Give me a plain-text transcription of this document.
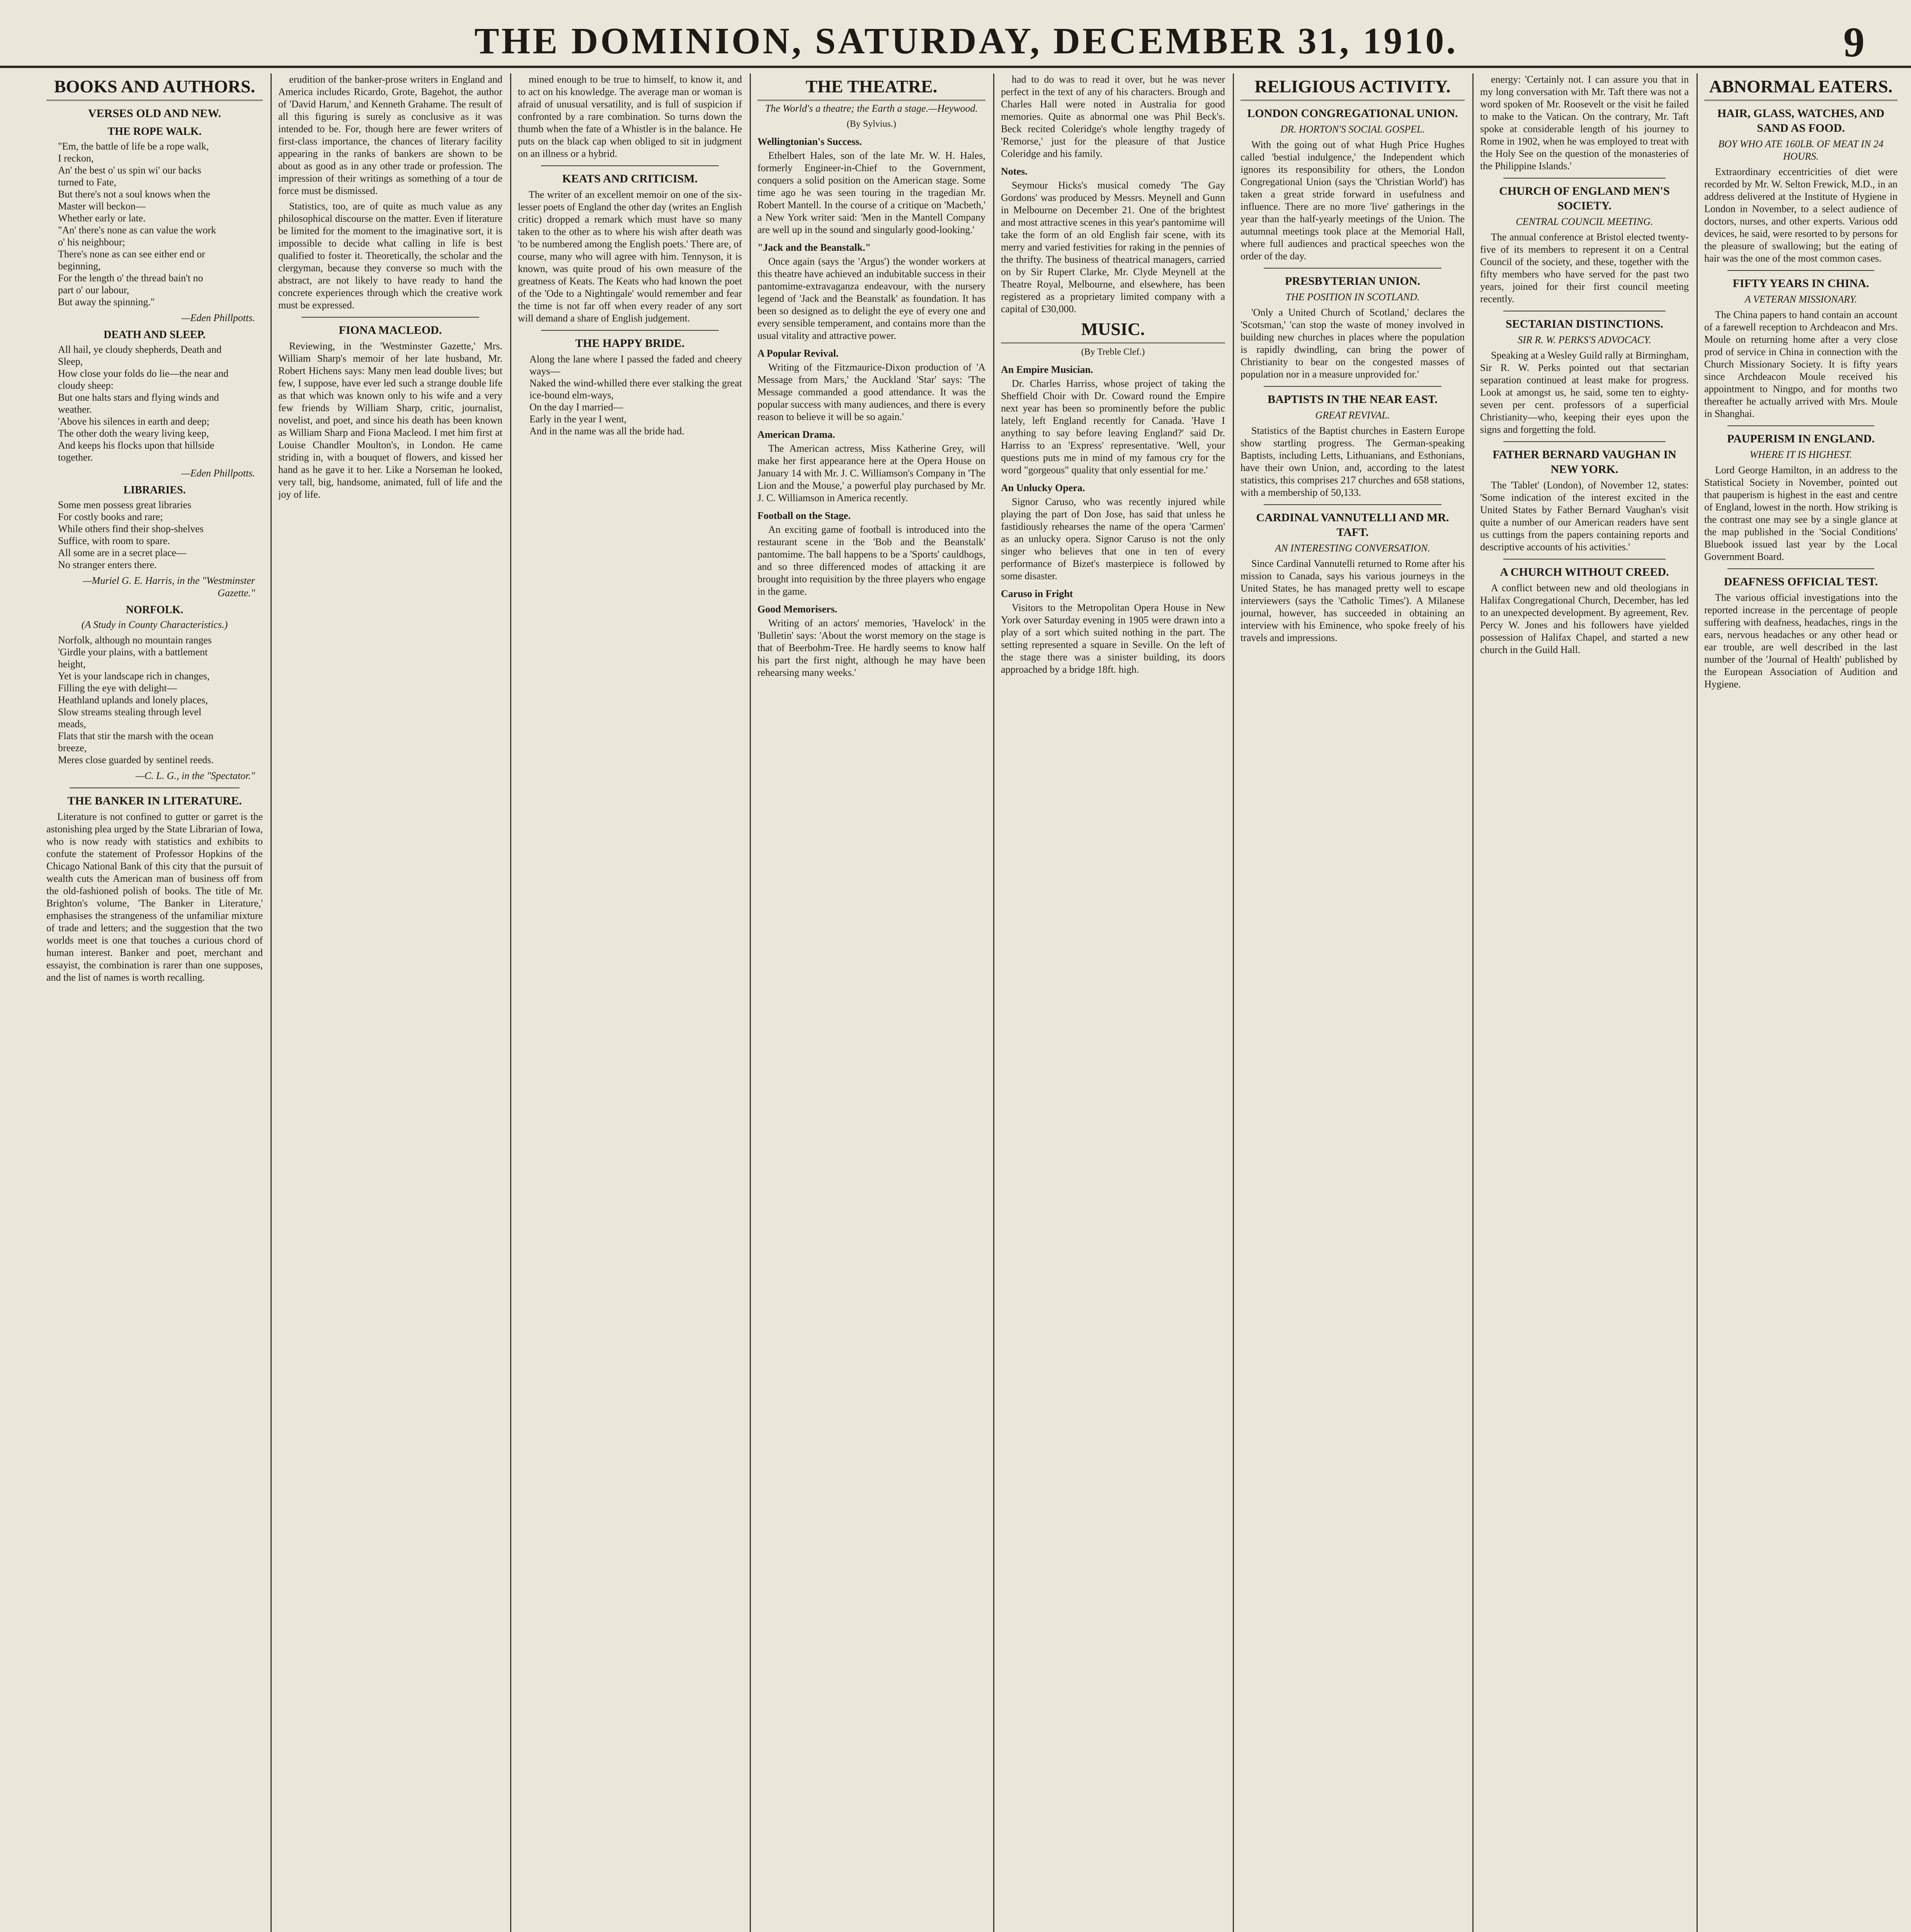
THE DOMINION, SATURDAY, DECEMBER 31, 1910.	9
BOOKS AND AUTHORS.
VERSES OLD AND NEW.
THE ROPE WALK.
"Em, the battle of life be a rope walk,
I reckon,
An' the best o' us spin wi' our backs
turned to Fate,
But there's not a soul knows when the
Master will beckon—
Whether early or late.
"An' there's none as can value the work
o' his neighbour;
There's none as can see either end or
beginning,
For the length o' the thread bain't no
part o' our labour,
But away the spinning."
—Eden Phillpotts.
DEATH AND SLEEP.
All hail, ye cloudy shepherds, Death and
Sleep,
How close your folds do lie—the near and
cloudy sheep:
But one halts stars and flying winds and
weather.
'Above his silences in earth and deep;
The other doth the weary living keep,
And keeps his flocks upon that hillside
together.
—Eden Phillpotts.
LIBRARIES.
Some men possess great libraries
For costly books and rare;
While others find their shop-shelves
Suffice, with room to spare.
All some are in a secret place—
No stranger enters there.
—Muriel G. E. Harris, in the "Westminster Gazette."
NORFOLK.
(A Study in County Characteristics.)
Norfolk, although no mountain ranges
'Girdle your plains, with a battlement
height,
Yet is your landscape rich in changes,
Filling the eye with delight—
Heathland uplands and lonely places,
Slow streams stealing through level
meads,
Flats that stir the marsh with the ocean
breeze,
Meres close guarded by sentinel reeds.
—C. L. G., in the "Spectator."
THE BANKER IN LITERATURE.

Literature is not confined to gutter or garret is the astonishing plea urged by the State Librarian of Iowa, who is now ready with statistics and exhibits to confute the statement of Professor Hopkins of the Chicago National Bank of this city that the pursuit of wealth cuts the American man of business off from the old-fashioned polish of books. The title of Mr. Brighton's volume, 'The Banker in Literature,' emphasises the strangeness of the unfamiliar mixture of trade and letters; and the suggestion that the two worlds meet is one that touches a curious chord of human interest. Banker and poet, merchant and essayist, the combination is rarer than one supposes, and the list of names is worth recalling.

erudition of the banker-prose writers in England and America includes Ricardo, Grote, Bagehot, the author of 'David Harum,' and Kenneth Grahame. The result of all this figuring is surely as conclusive as it was intended to be. For, though here are fewer writers of first-class importance, the chances of literary facility appearing in the ranks of bankers are shown to be about as good as in any other trade or profession. The impression of their writings as something of a tour de force must be dismissed.

Statistics, too, are of quite as much value as any philosophical discourse on the matter. Even if literature be limited for the moment to the imaginative sort, it is impossible to decide what calling in life is best qualified to foster it. Theoretically, the scholar and the clergyman, because they converse so much with the abstract, are not likely to have ready to hand the concrete experiences through which the creative work must be expressed.

FIONA MACLEOD.

Reviewing, in the 'Westminster Gazette,' Mrs. William Sharp's memoir of her late husband, Mr. Robert Hichens says: Many men lead double lives; but few, I suppose, have ever led such a strange double life as that which was known only to his wife and a very few friends by William Sharp, critic, journalist, novelist, and poet, and since his death has been known as William Sharp and Fiona Macleod. I met him first at Louise Chandler Moulton's, in London. He came striding in, with a bouquet of flowers, and kissed her hand as he gave it to her. Like a Norseman he looked, very tall, big, handsome, animated, full of life and the joy of life.

mined enough to be true to himself, to know it, and to act on his knowledge. The average man or woman is afraid of unusual versatility, and is full of suspicion if confronted by a rare combination. So turns down the thumb when the fate of a Whistler is in the balance. He puts on the black cap when obliged to sit in judgment on an illness or a hybrid.

KEATS AND CRITICISM.

The writer of an excellent memoir on one of the six-lesser poets of England the other day (writes an English critic) dropped a remark which must have so many taken to the other as to where his wish after death was 'to be numbered among the English poets.' There are, of course, many who will agree with him. Tennyson, it is known, was quite proud of his own measure of the greatness of Keats. The Keats who had known the poet of the 'Ode to a Nightingale' would remember and fear the time is not far off when every reader of any sort will demand a share of English judgement.

THE HAPPY BRIDE.
Along the lane where I passed the faded and cheery ways—
Naked the wind-whilled there ever stalking the great ice-bound elm-ways,
On the day I married—
Early in the year I went,
And in the name was all the bride had.
THE THEATRE.
The World's a theatre; the Earth a stage.—Heywood.
(By Sylvius.)
Wellingtonian's Success.

Ethelbert Hales, son of the late Mr. W. H. Hales, formerly Engineer-in-Chief to the Government, conquers a solid position on the American stage. Some time ago he was seen touring in the tragedian Mr. Robert Mantell. In the course of a critique on 'Macbeth,' a New York writer said: 'Men in the Mantell Company are well up in the sound and singularly good-looking.'

"Jack and the Beanstalk."

Once again (says the 'Argus') the wonder workers at this theatre have achieved an indubitable success in their pantomime-extravaganza endeavour, with the nursery legend of 'Jack and the Beanstalk' as foundation. It has been so designed as to delight the eye of every one and every sensible temperament, and contains more than the usual vitality and attractive power.

A Popular Revival.

Writing of the Fitzmaurice-Dixon production of 'A Message from Mars,' the Auckland 'Star' says: 'The Message commanded a good attendance. It was the popular success with many audiences, and there is every reason to believe it will be so again.'

American Drama.

The American actress, Miss Katherine Grey, will make her first appearance here at the Opera House on January 14 with Mr. J. C. Williamson's Company in 'The Lion and the Mouse,' a powerful play purchased by Mr. J. C. Williamson in America recently.

Football on the Stage.

An exciting game of football is introduced into the restaurant scene in the 'Bob and the Beanstalk' pantomime. The ball happens to be a 'Sports' cauldhogs, and so three differenced modes of attacking it are brought into requisition by the three players who engage in the game.

Good Memorisers.

Writing of an actors' memories, 'Havelock' in the 'Bulletin' says: 'About the worst memory on the stage is that of Beerbohm-Tree. He hardly seems to know half his part the first night, although he may have been rehearsing many weeks.'

had to do was to read it over, but he was never perfect in the text of any of his characters. Brough and Charles Hall were noted in Australia for good memories. Quite as abnormal one was Phil Beck's. Beck recited Coleridge's whole lengthy tragedy of 'Remorse,' just for the pleasure of that Justice Coleridge and his family.

Notes.

Seymour Hicks's musical comedy 'The Gay Gordons' was produced by Messrs. Meynell and Gunn in Melbourne on December 21. One of the brightest and most attractive scenes in this year's pantomime will take the form of an old English fair scene, with its merry and varied festivities for raking in the pennies of the thrifty. The business of theatrical managers, carried on by Sir Rupert Clarke, Mr. Clyde Meynell at the Theatre Royal, Melbourne, and elsewhere, has been registered as a proprietary limited company with a capital of £30,000.

MUSIC.
(By Treble Clef.)
An Empire Musician.

Dr. Charles Harriss, whose project of taking the Sheffield Choir with Dr. Coward round the Empire next year has been so prominently before the public lately, left England recently for Canada. 'Have I anything to say before leaving England?' said Dr. Harriss to an 'Express' representative. 'Well, your questions puts me in mind of my famous cry for the word "gorgeous" quality that only essential for me.'

An Unlucky Opera.

Signor Caruso, who was recently injured while playing the part of Don Jose, has said that unless he fastidiously rehearses the name of the opera 'Carmen' as an unlucky opera. Signor Caruso is not the only singer who believes that one in ten of every performance of Bizet's masterpiece is followed by some disaster.

Caruso in Fright

Visitors to the Metropolitan Opera House in New York over Saturday evening in 1905 were drawn into a play of a sort which suited nothing in the part. The setting represented a square in Seville. On the left of the stage there was a sinister building, its doors approached by a bridge 18ft. high.

RELIGIOUS ACTIVITY.
LONDON CONGREGATIONAL UNION.
DR. HORTON'S SOCIAL GOSPEL.

With the going out of what Hugh Price Hughes called 'bestial indulgence,' the Independent which ignores its responsibility for others, the London Congregational Union (says the 'Christian World') has taken a great stride forward in usefulness and influence. There are no more 'live' gatherings in the year than the half-yearly meetings of the Union. The autumnal meetings took place at the Memorial Hall, where full audiences and practical speeches won the order of the day.

PRESBYTERIAN UNION.
THE POSITION IN SCOTLAND.

'Only a United Church of Scotland,' declares the 'Scotsman,' 'can stop the waste of money involved in building new churches in places where the population is rapidly dwindling, can bring the power of Christianity to bear on the congested masses of population nor in a measure unprovided for.'

BAPTISTS IN THE NEAR EAST.
GREAT REVIVAL.

Statistics of the Baptist churches in Eastern Europe show startling progress. The German-speaking Baptists, including Letts, Lithuanians, and Esthonians, have their own Union, and, according to the latest statistics, this comprises 217 churches and 658 stations, with a membership of 50,133.

CARDINAL VANNUTELLI AND MR. TAFT.
AN INTERESTING CONVERSATION.

Since Cardinal Vannutelli returned to Rome after his mission to Canada, says his various journeys in the United States, he has managed pretty well to escape interviewers (says the 'Catholic Times'). A Milanese journal, however, has succeeded in obtaining an interview with his Eminence, who spoke freely of his travels and impressions.

energy: 'Certainly not. I can assure you that in my long conversation with Mr. Taft there was not a word spoken of Mr. Roosevelt or the visit he failed to make to the Vatican. On the contrary, Mr. Taft spoke at considerable length of his journey to Rome in 1902, when he was employed to treat with the Holy See on the question of the monasteries of the Philippine Islands.'

CHURCH OF ENGLAND MEN'S SOCIETY.
CENTRAL COUNCIL MEETING.

The annual conference at Bristol elected twenty-five of its members to represent it on a Central Council of the society, and these, together with the fifty members who have served for the past two years, joined for their first council meeting recently.

SECTARIAN DISTINCTIONS.
SIR R. W. PERKS'S ADVOCACY.

Speaking at a Wesley Guild rally at Birmingham, Sir R. W. Perks pointed out that sectarian separation continued at least make for progress. Look at amongst us, he said, some ten to eighty-seven per cent. professors of a superficial Christianity—who, keeping their eyes upon the signs and forgetting the fold.

FATHER BERNARD VAUGHAN IN NEW YORK.

The 'Tablet' (London), of November 12, states: 'Some indication of the interest excited in the United States by Father Bernard Vaughan's visit quite a number of our American readers have sent us cuttings from the papers containing reports and descriptive accounts of his activities.'

A CHURCH WITHOUT CREED.

A conflict between new and old theologians in Halifax Congregational Church, December, has led to an unexpected development. By agreement, Rev. Percy W. Jones and his followers have yielded possession of Halifax Chapel, and started a new church in the Guild Hall.

ABNORMAL EATERS.
HAIR, GLASS, WATCHES, AND SAND AS FOOD.
BOY WHO ATE 160LB. OF MEAT IN 24 HOURS.

Extraordinary eccentricities of diet were recorded by Mr. W. Selton Frewick, M.D., in an address delivered at the Institute of Hygiene in London in November, to a select audience of doctors, nurses, and other experts. Various odd devices, he said, were resorted to by persons for the pleasure of swallowing; but the eating of hair was the one of the most common cases.

FIFTY YEARS IN CHINA.
A VETERAN MISSIONARY.

The China papers to hand contain an account of a farewell reception to Archdeacon and Mrs. Moule on returning home after a very close prod of service in China in connection with the Church Missionary Society. It is fifty years since Archdeacon Moule received his appointment to Ningpo, and for months two thereafter he actually arrived with Mrs. Moule in Shanghai.

PAUPERISM IN ENGLAND.
WHERE IT IS HIGHEST.

Lord George Hamilton, in an address to the Statistical Society in November, pointed out that pauperism is highest in the east and centre of England, lowest in the north. How striking is the contrast one may see by a single glance at the map published in the 'Social Conditions' Bluebook issued last year by the Local Government Board.

DEAFNESS OFFICIAL TEST.

The various official investigations into the reported increase in the percentage of people suffering with deafness, headaches, rings in the ears, nervous headaches or any other head or ear trouble, are well described in the last number of the 'Journal of Health' published by the European Association of Audition and Hygiene.
